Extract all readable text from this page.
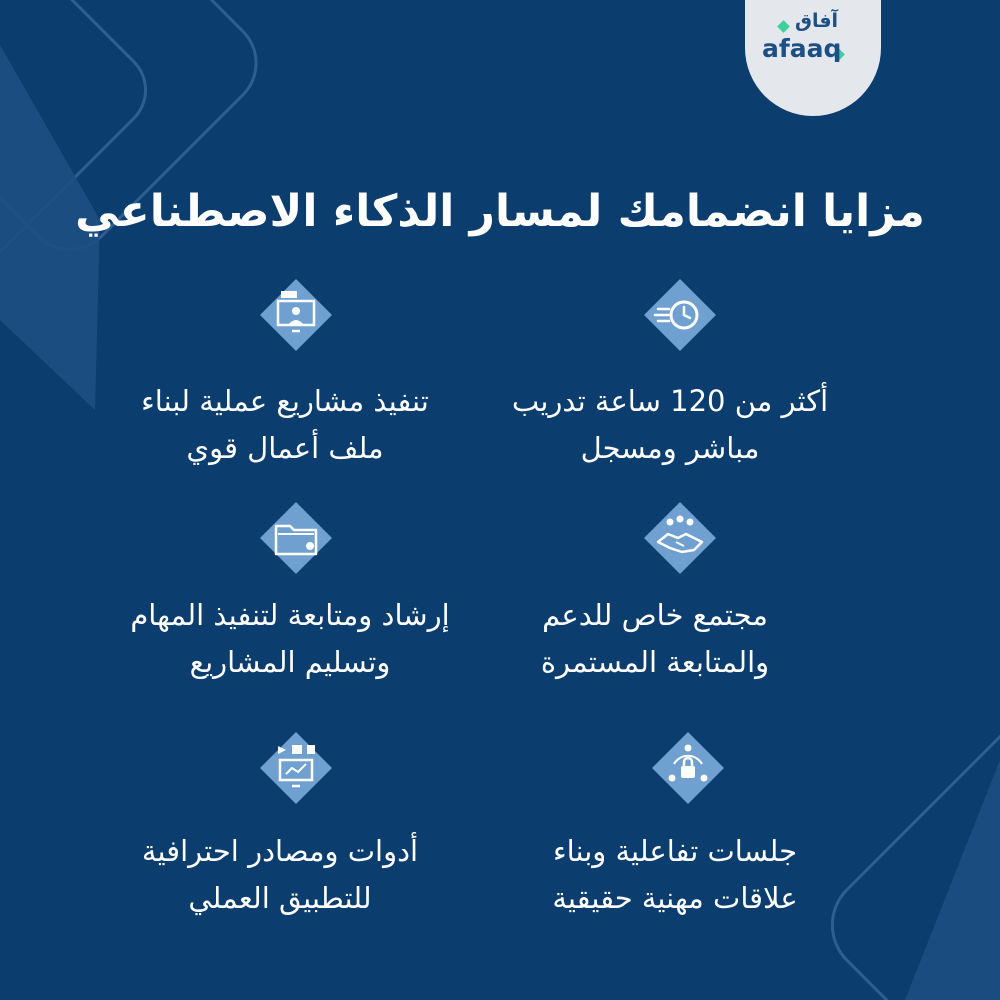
آفاق
afaaq
مزايا انضمامك لمسار الذكاء الاصطناعي
أكثر من 120 ساعة تدريب
مباشر ومسجل
تنفيذ مشاريع عملية لبناء
ملف أعمال قوي
مجتمع خاص للدعم
والمتابعة المستمرة
إرشاد ومتابعة لتنفيذ المهام
وتسليم المشاريع
جلسات تفاعلية وبناء
علاقات مهنية حقيقية
أدوات ومصادر احترافية
للتطبيق العملي
